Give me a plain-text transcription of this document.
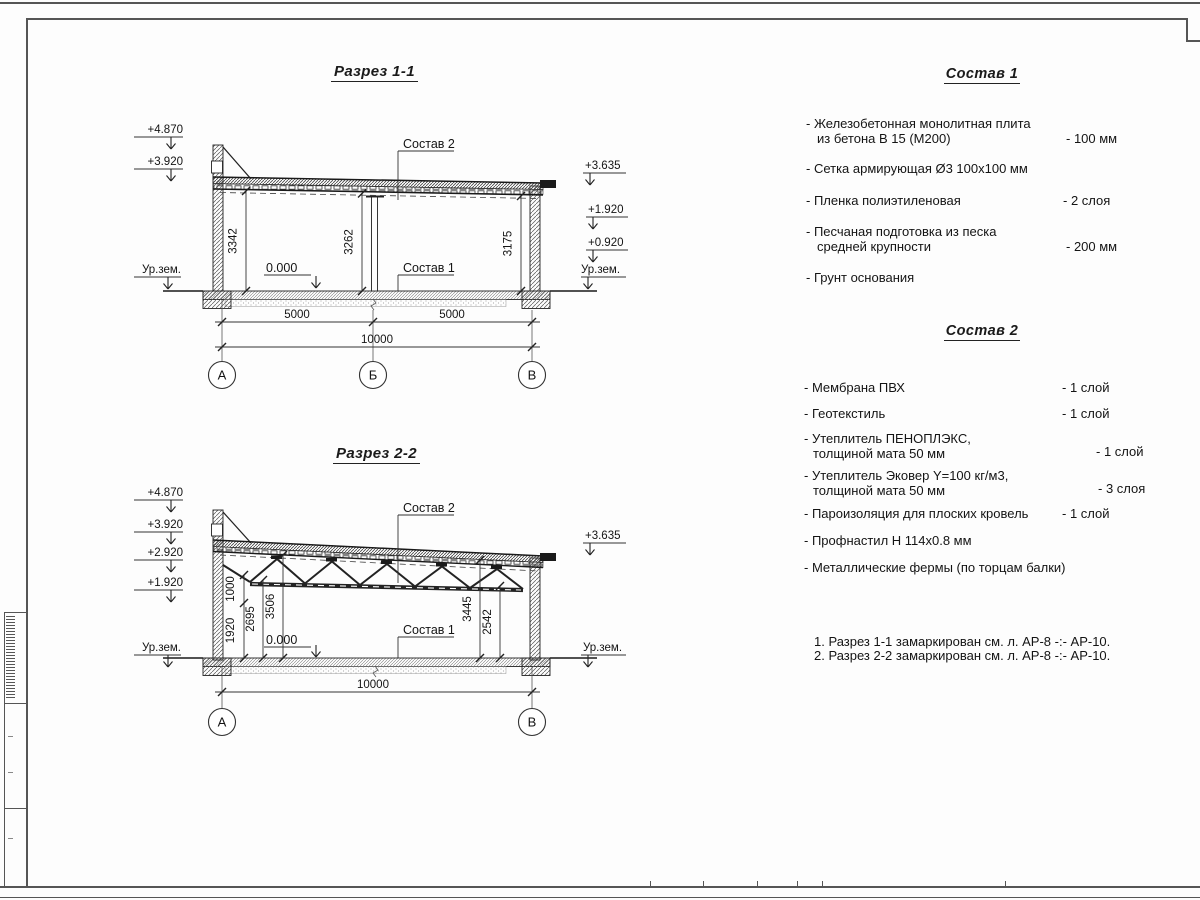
Разрез 1-1
Разрез 2-2
Состав 2
Состав 1
0.000
+4.870
+3.920
Ур.зем.
+3.635
+1.920
+0.920
Ур.зем.
3342	3262	3175
5000	5000
10000
А	Б	В
Состав 2
Состав 1
0.000
+4.870
+3.920
+2.920
+1.920
Ур.зем.
+3.635
Ур.зем.
1000
1920 2695 3506	3445
2542
10000
А	В
Состав 1
- Железобетонная монолитная плита
из бетона В 15 (М200)	- 100 мм
- Сетка армирующая Ø3 100x100 мм
- Пленка полиэтиленовая	- 2 слоя
- Песчаная подготовка из песка
средней крупности	- 200 мм
- Грунт основания
Состав 2
- Мембрана ПВХ	- 1 слой
- Геотекстиль	- 1 слой
- Утеплитель ПЕНОПЛЭКС,
толщиной мата 50 мм	- 1 слой
- Утеплитель Эковер Y=100 кг/м3,
толщиной мата 50 мм	- 3 слоя
- Пароизоляция для плоских кровель	- 1 слой
- Профнастил Н 114x0.8 мм
- Металлические фермы (по торцам балки)
1. Разрез 1-1 замаркирован см. л. АР-8 -:- АР-10.
2. Разрез 2-2 замаркирован см. л. АР-8 -:- АР-10.
